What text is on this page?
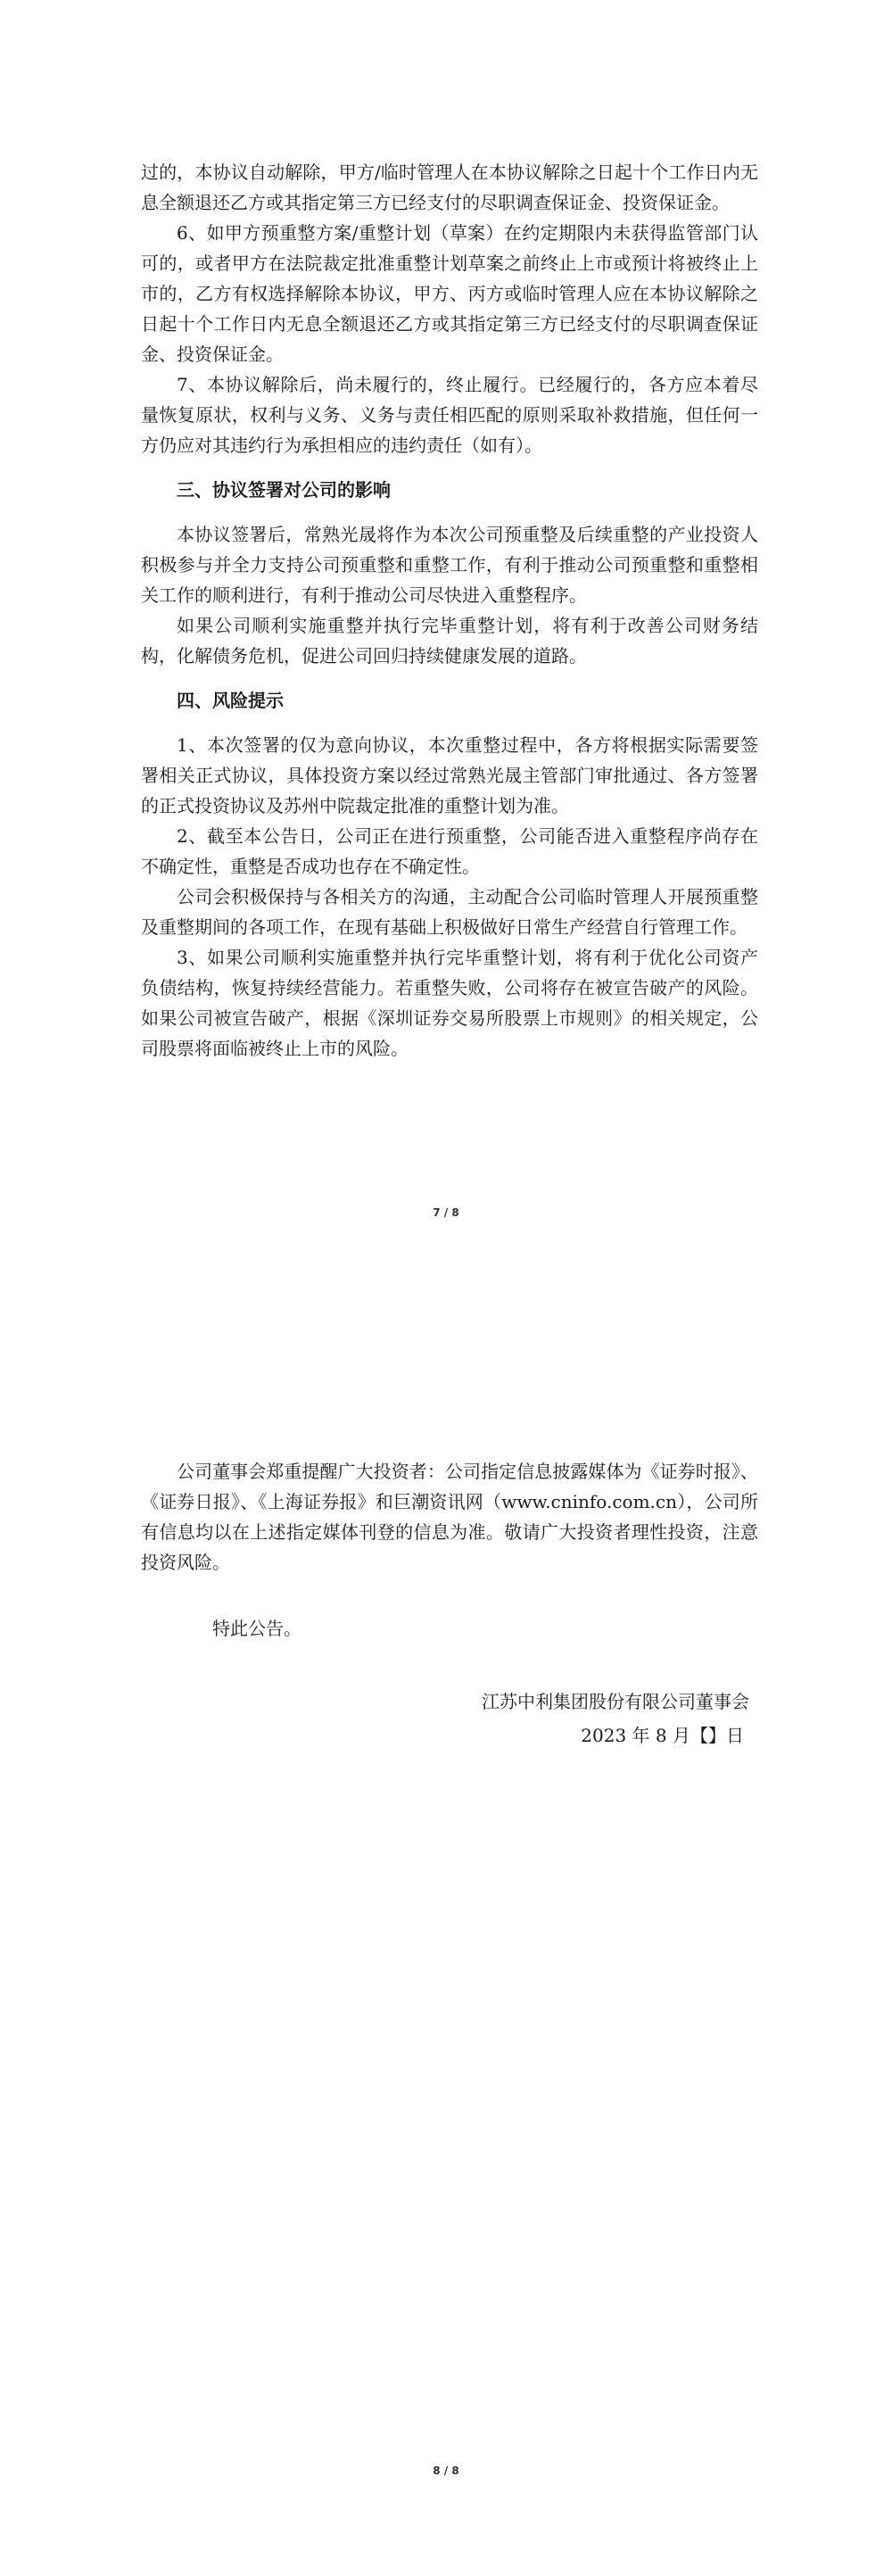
过的，本协议自动解除，甲方/临时管理人在本协议解除之日起十个工作日内无息全额退还乙方或其指定第三方已经支付的尽职调查保证金、投资保证金。

6、如甲方预重整方案/重整计划（草案）在约定期限内未获得监管部门认可的，或者甲方在法院裁定批准重整计划草案之前终止上市或预计将被终止上市的，乙方有权选择解除本协议，甲方、丙方或临时管理人应在本协议解除之日起十个工作日内无息全额退还乙方或其指定第三方已经支付的尽职调查保证金、投资保证金。

7、本协议解除后，尚未履行的，终止履行。已经履行的，各方应本着尽量恢复原状，权利与义务、义务与责任相匹配的原则采取补救措施，但任何一方仍应对其违约行为承担相应的违约责任（如有）。

三、协议签署对公司的影响

本协议签署后，常熟光晟将作为本次公司预重整及后续重整的产业投资人积极参与并全力支持公司预重整和重整工作，有利于推动公司预重整和重整相关工作的顺利进行，有利于推动公司尽快进入重整程序。

如果公司顺利实施重整并执行完毕重整计划，将有利于改善公司财务结构，化解债务危机，促进公司回归持续健康发展的道路。

四、风险提示

1、本次签署的仅为意向协议，本次重整过程中，各方将根据实际需要签署相关正式协议，具体投资方案以经过常熟光晟主管部门审批通过、各方签署的正式投资协议及苏州中院裁定批准的重整计划为准。

2、截至本公告日，公司正在进行预重整，公司能否进入重整程序尚存在不确定性，重整是否成功也存在不确定性。

公司会积极保持与各相关方的沟通，主动配合公司临时管理人开展预重整及重整期间的各项工作，在现有基础上积极做好日常生产经营自行管理工作。

3、如果公司顺利实施重整并执行完毕重整计划，将有利于优化公司资产负债结构，恢复持续经营能力。若重整失败，公司将存在被宣告破产的风险。如果公司被宣告破产，根据《深圳证券交易所股票上市规则》的相关规定，公司股票将面临被终止上市的风险。

7 / 8

公司董事会郑重提醒广大投资者：公司指定信息披露媒体为《证券时报》、《证券日报》、《上海证券报》和巨潮资讯网（www.cninfo.com.cn），公司所有信息均以在上述指定媒体刊登的信息为准。敬请广大投资者理性投资，注意投资风险。

特此公告。

江苏中利集团股份有限公司董事会
2023 年 8 月【】日
8 / 8
